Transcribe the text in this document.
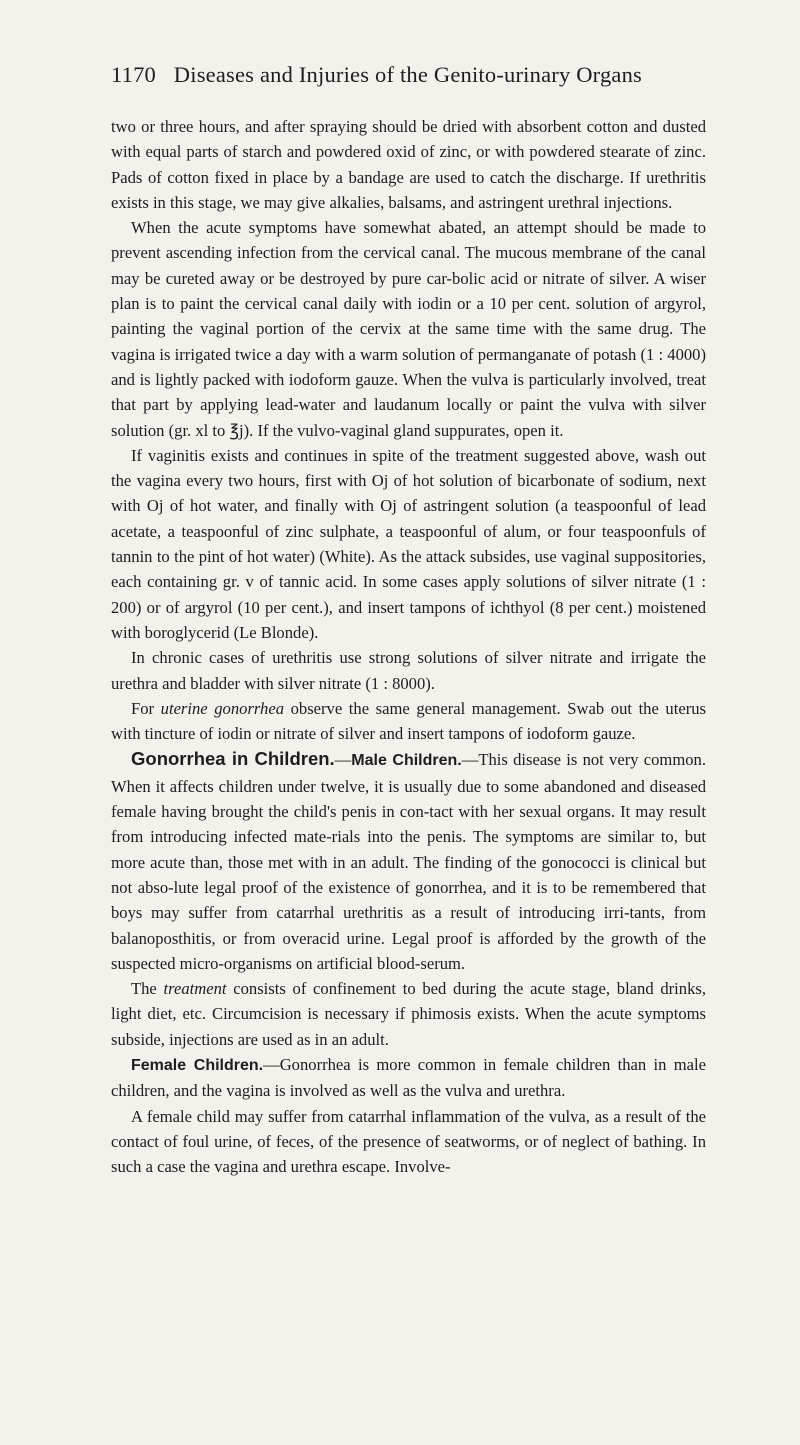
1170 Diseases and Injuries of the Genito-urinary Organs

two or three hours, and after spraying should be dried with absorbent cotton and dusted with equal parts of starch and powdered oxid of zinc, or with powdered stearate of zinc. Pads of cotton fixed in place by a bandage are used to catch the discharge. If urethritis exists in this stage, we may give alkalies, balsams, and astringent urethral injections.

When the acute symptoms have somewhat abated, an attempt should be made to prevent ascending infection from the cervical canal. The mucous membrane of the canal may be cureted away or be destroyed by pure car-bolic acid or nitrate of silver. A wiser plan is to paint the cervical canal daily with iodin or a 10 per cent. solution of argyrol, painting the vaginal portion of the cervix at the same time with the same drug. The vagina is irrigated twice a day with a warm solution of permanganate of potash (1 : 4000) and is lightly packed with iodoform gauze. When the vulva is particularly involved, treat that part by applying lead-water and laudanum locally or paint the vulva with silver solution (gr. xl to ℥j). If the vulvo-vaginal gland suppurates, open it.

If vaginitis exists and continues in spite of the treatment suggested above, wash out the vagina every two hours, first with Oj of hot solution of bicarbonate of sodium, next with Oj of hot water, and finally with Oj of astringent solution (a teaspoonful of lead acetate, a teaspoonful of zinc sulphate, a teaspoonful of alum, or four teaspoonfuls of tannin to the pint of hot water) (White). As the attack subsides, use vaginal suppositories, each containing gr. v of tannic acid. In some cases apply solutions of silver nitrate (1 : 200) or of argyrol (10 per cent.), and insert tampons of ichthyol (8 per cent.) moistened with boroglycerid (Le Blonde).

In chronic cases of urethritis use strong solutions of silver nitrate and irrigate the urethra and bladder with silver nitrate (1 : 8000).

For uterine gonorrhea observe the same general management. Swab out the uterus with tincture of iodin or nitrate of silver and insert tampons of iodoform gauze.

Gonorrhea in Children.—Male Children.—This disease is not very common. When it affects children under twelve, it is usually due to some abandoned and diseased female having brought the child's penis in con-tact with her sexual organs. It may result from introducing infected mate-rials into the penis. The symptoms are similar to, but more acute than, those met with in an adult. The finding of the gonococci is clinical but not abso-lute legal proof of the existence of gonorrhea, and it is to be remembered that boys may suffer from catarrhal urethritis as a result of introducing irri-tants, from balanoposthitis, or from overacid urine. Legal proof is afforded by the growth of the suspected micro-organisms on artificial blood-serum.

The treatment consists of confinement to bed during the acute stage, bland drinks, light diet, etc. Circumcision is necessary if phimosis exists. When the acute symptoms subside, injections are used as in an adult.

Female Children.—Gonorrhea is more common in female children than in male children, and the vagina is involved as well as the vulva and urethra.

A female child may suffer from catarrhal inflammation of the vulva, as a result of the contact of foul urine, of feces, of the presence of seatworms, or of neglect of bathing. In such a case the vagina and urethra escape. Involve-
